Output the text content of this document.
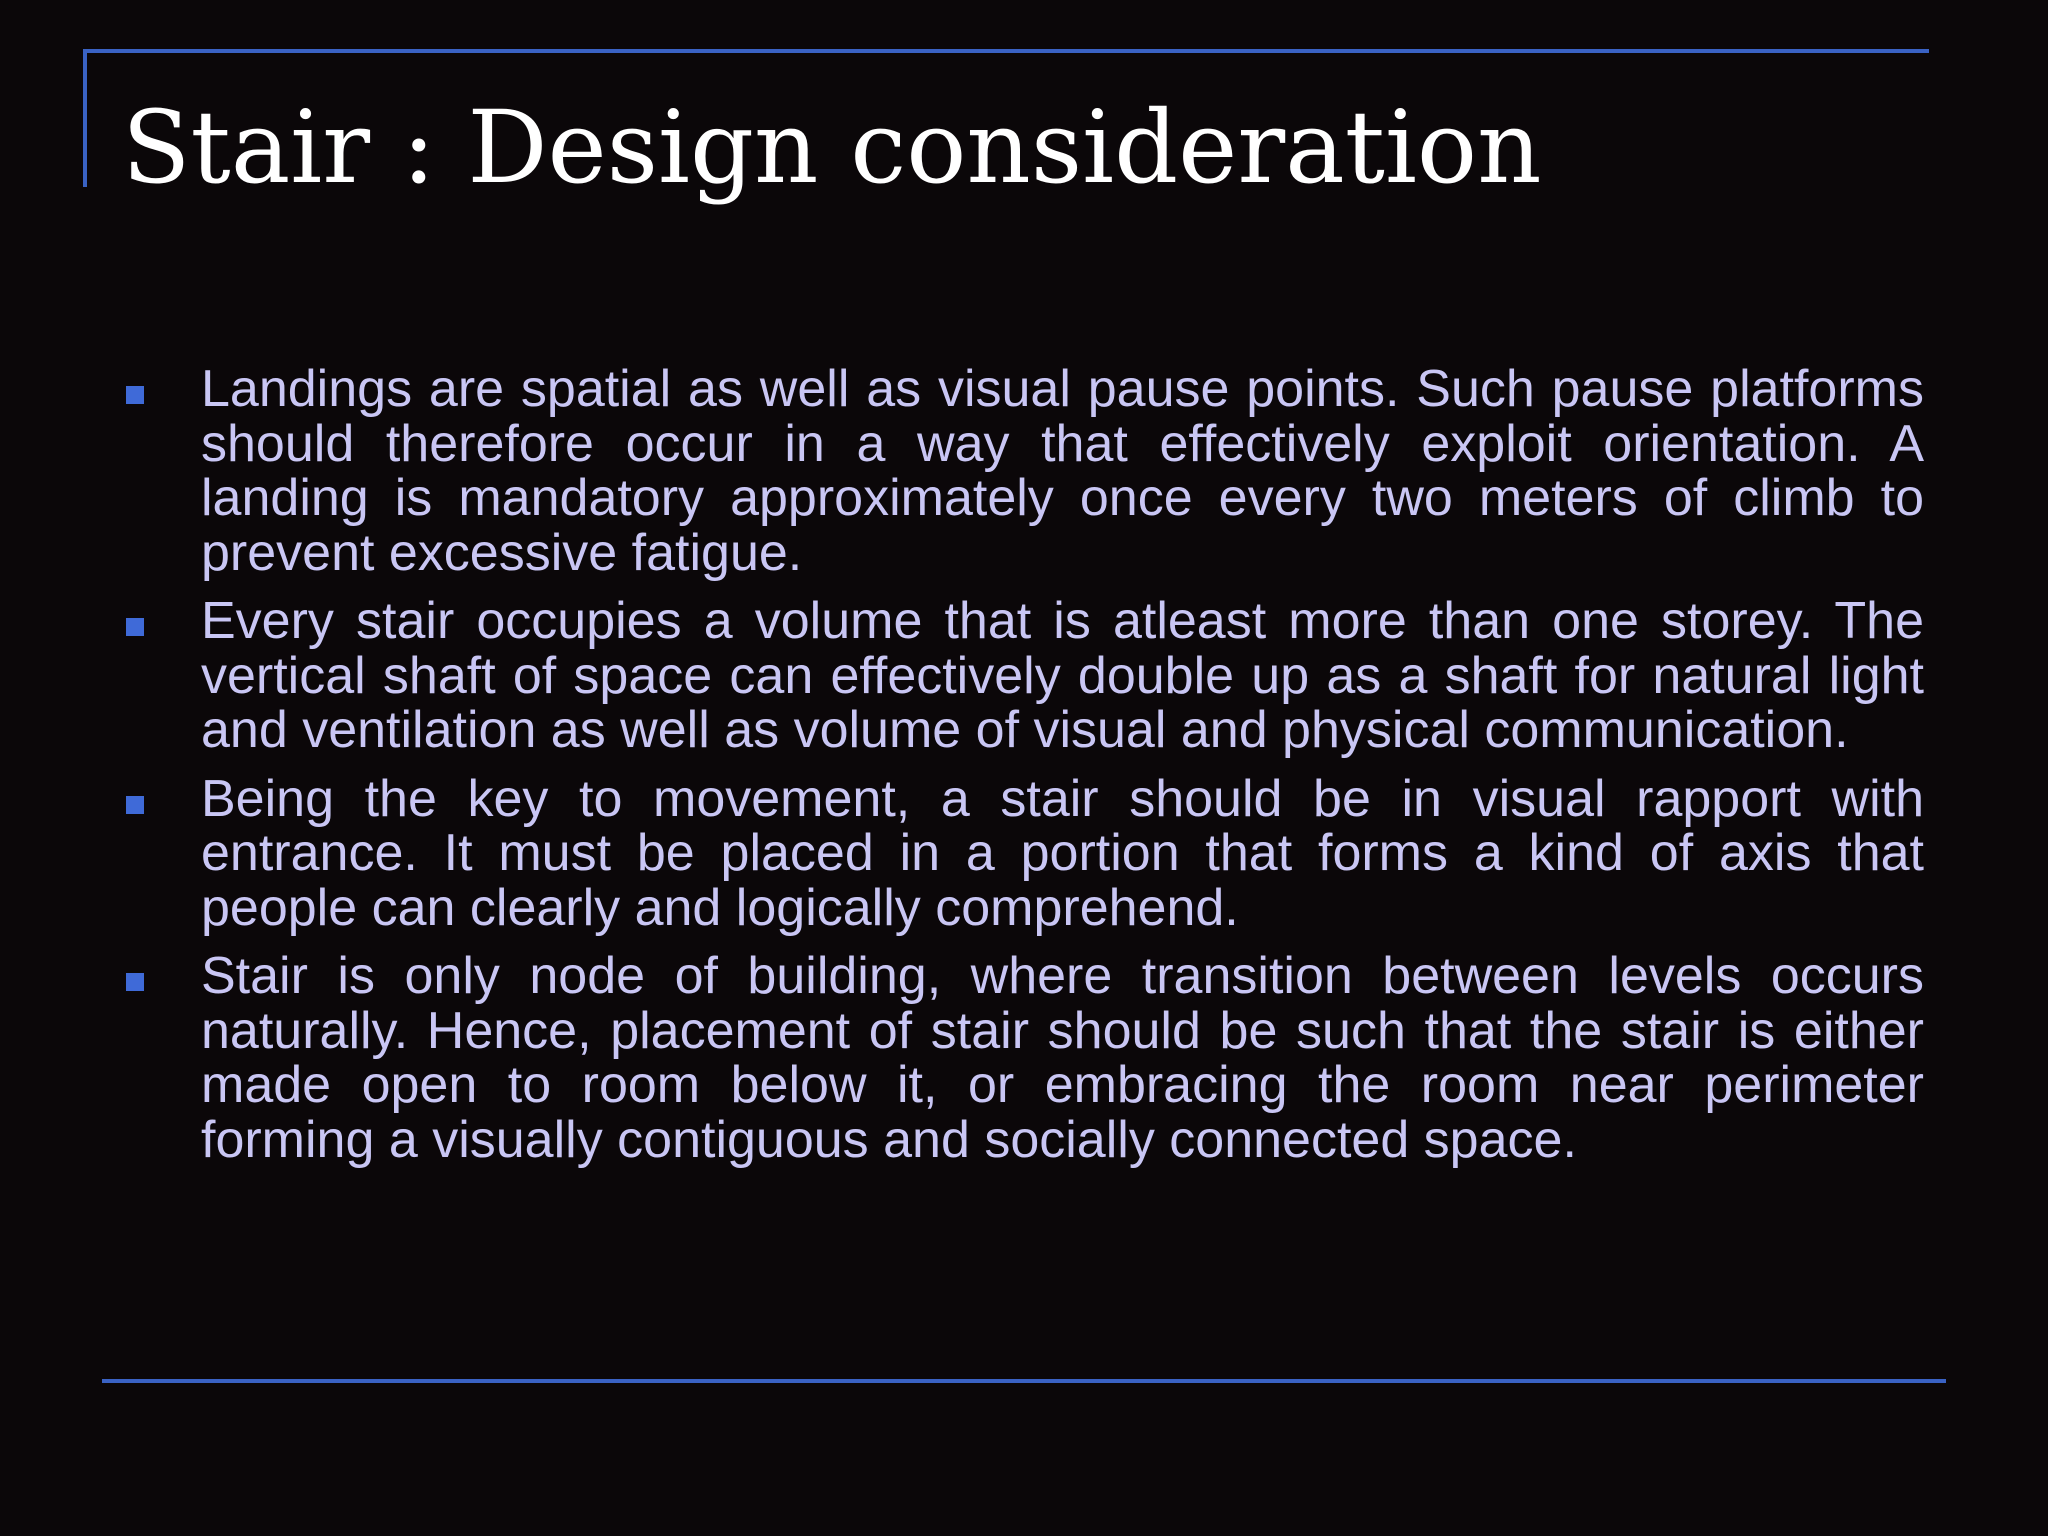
Stair : Design consideration
Landings are spatial as well as visual pause points. Such pause platforms should therefore occur in a way that effectively exploit orientation. A landing is mandatory approximately once every two meters of climb to prevent excessive fatigue.
Every stair occupies a volume that is atleast more than one storey. The vertical shaft of space can effectively double up as a shaft for natural light and ventilation as well as volume of visual and physical communication.
Being the key to movement, a stair should be in visual rapport with entrance. It must be placed in a portion that forms a kind of axis that people can clearly and logically comprehend.
Stair is only node of building, where transition between levels occurs naturally. Hence, placement of stair should be such that the stair is either made open to room below it, or embracing the room near perimeter forming a visually contiguous and socially connected space.
